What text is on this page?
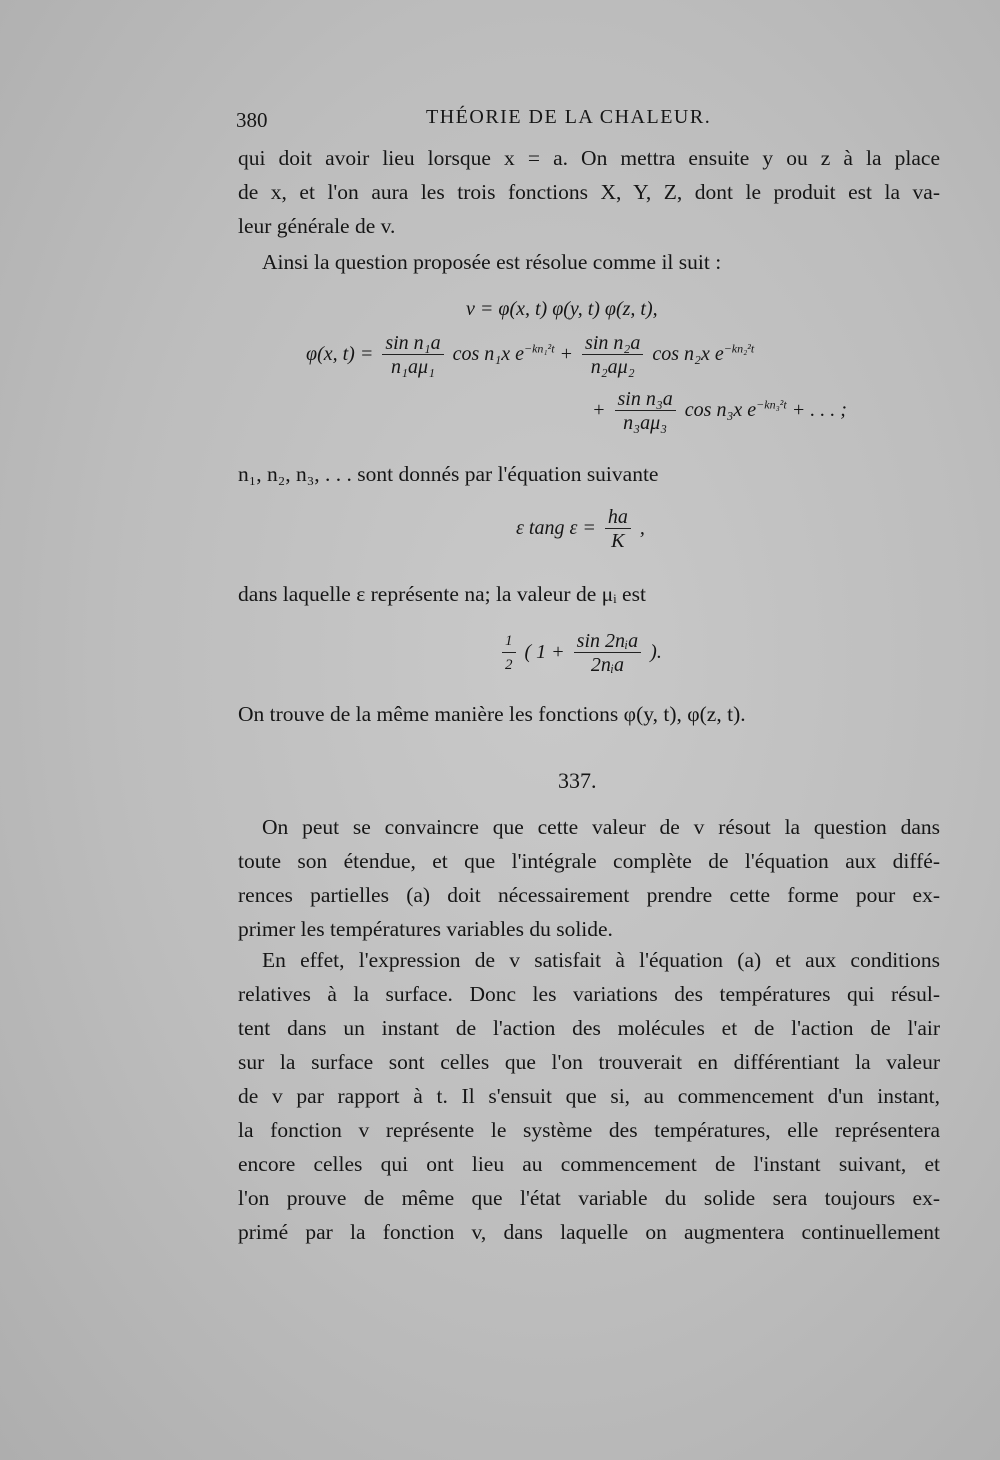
380	THÉORIE DE LA CHALEUR.
qui doit avoir lieu lorsque x = a. On mettra ensuite y ou z à la place
de x, et l'on aura les trois fonctions X, Y, Z, dont le produit est la va-
leur générale de v.
Ainsi la question proposée est résolue comme il suit :
v = φ(x, t) φ(y, t) φ(z, t),
φ(x, $t) = \frac{\text{sin n₁a}}{\text{n₁aμ₁}}$ cos n₁x $e^{-kn_1^2t} + \frac{\text{sin n₂a}}{\text{n₂aμ₂}}$ cos n₂x $e^{-kn_2^2t}$
+ $\frac{\text{sin n₃a}}{\text{n₃aμ₃}}$ cos n₃x $e^{-kn_3^2t}$ + . . . ;
n₁, n₂, n₃, . . . sont donnés par l'équation suivante
ε tang $\varepsilon = \frac{ha}{K}$ ,
dans laquelle ε représente na; la valeur de μᵢ est
$\frac{1}{2}$ ( $1 + \frac{\text{sin 2nᵢa}}{\text{2nᵢa}}$ ).
On trouve de la même manière les fonctions φ(y, t), φ(z, t).
337.
On peut se convaincre que cette valeur de v résout la question dans
toute son étendue, et que l'intégrale complète de l'équation aux diffé-
rences partielles (a) doit nécessairement prendre cette forme pour ex-
primer les températures variables du solide.
En effet, l'expression de v satisfait à l'équation (a) et aux conditions
relatives à la surface. Donc les variations des températures qui résul-
tent dans un instant de l'action des molécules et de l'action de l'air
sur la surface sont celles que l'on trouverait en différentiant la valeur
de v par rapport à t. Il s'ensuit que si, au commencement d'un instant,
la fonction v représente le système des températures, elle représentera
encore celles qui ont lieu au commencement de l'instant suivant, et
l'on prouve de même que l'état variable du solide sera toujours ex-
primé par la fonction v, dans laquelle on augmentera continuellement
